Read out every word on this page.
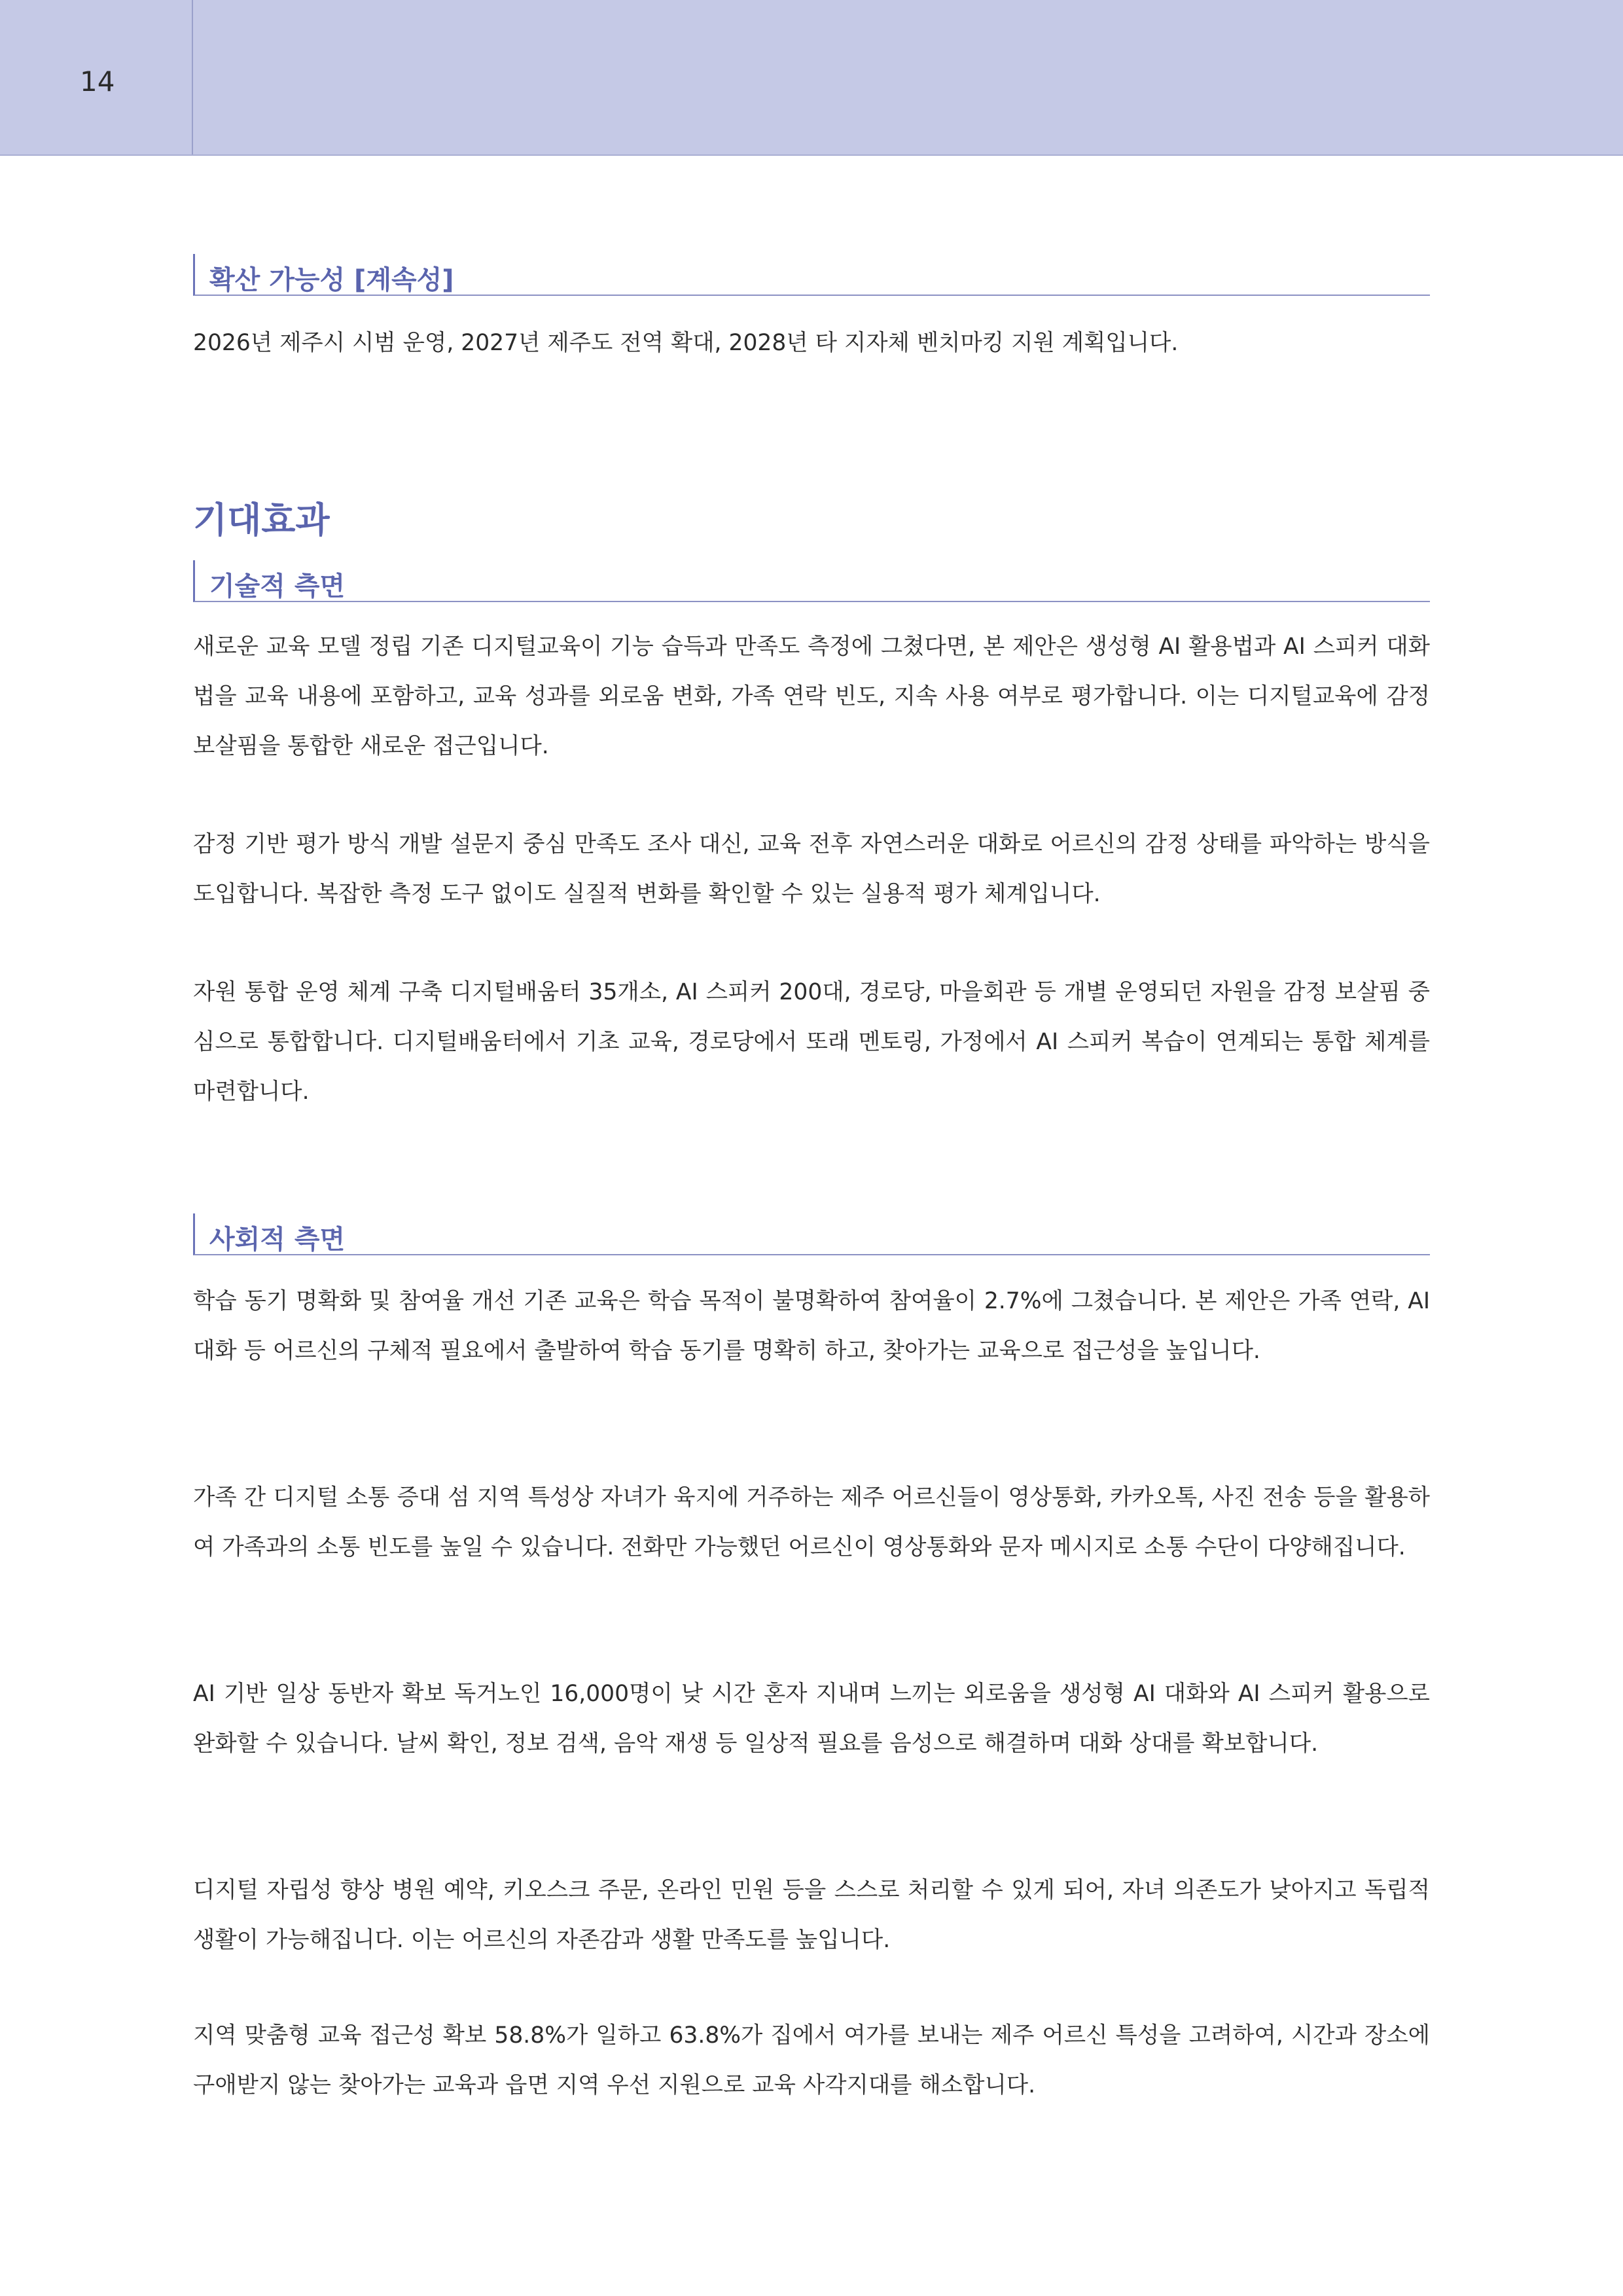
14
확산 가능성 [계속성]

2026년 제주시 시범 운영, 2027년 제주도 전역 확대, 2028년 타 지자체 벤치마킹 지원 계획입니다.

기대효과
기술적 측면

새로운 교육 모델 정립 기존 디지털교육이 기능 습득과 만족도 측정에 그쳤다면, 본 제안은 생성형 AI 활용법과 AI 스피커 대화법을 교육 내용에 포함하고, 교육 성과를 외로움 변화, 가족 연락 빈도, 지속 사용 여부로 평가합니다. 이는 디지털교육에 감정 보살핌을 통합한 새로운 접근입니다.

감정 기반 평가 방식 개발 설문지 중심 만족도 조사 대신, 교육 전후 자연스러운 대화로 어르신의 감정 상태를 파악하는 방식을 도입합니다. 복잡한 측정 도구 없이도 실질적 변화를 확인할 수 있는 실용적 평가 체계입니다.

자원 통합 운영 체계 구축 디지털배움터 35개소, AI 스피커 200대, 경로당, 마을회관 등 개별 운영되던 자원을 감정 보살핌 중심으로 통합합니다. 디지털배움터에서 기초 교육, 경로당에서 또래 멘토링, 가정에서 AI 스피커 복습이 연계되는 통합 체계를 마련합니다.

사회적 측면

학습 동기 명확화 및 참여율 개선 기존 교육은 학습 목적이 불명확하여 참여율이 2.7%에 그쳤습니다. 본 제안은 가족 연락, AI 대화 등 어르신의 구체적 필요에서 출발하여 학습 동기를 명확히 하고, 찾아가는 교육으로 접근성을 높입니다.

가족 간 디지털 소통 증대 섬 지역 특성상 자녀가 육지에 거주하는 제주 어르신들이 영상통화, 카카오톡, 사진 전송 등을 활용하여 가족과의 소통 빈도를 높일 수 있습니다. 전화만 가능했던 어르신이 영상통화와 문자 메시지로 소통 수단이 다양해집니다.

AI 기반 일상 동반자 확보 독거노인 16,000명이 낮 시간 혼자 지내며 느끼는 외로움을 생성형 AI 대화와 AI 스피커 활용으로 완화할 수 있습니다. 날씨 확인, 정보 검색, 음악 재생 등 일상적 필요를 음성으로 해결하며 대화 상대를 확보합니다.

디지털 자립성 향상 병원 예약, 키오스크 주문, 온라인 민원 등을 스스로 처리할 수 있게 되어, 자녀 의존도가 낮아지고 독립적 생활이 가능해집니다. 이는 어르신의 자존감과 생활 만족도를 높입니다.

지역 맞춤형 교육 접근성 확보 58.8%가 일하고 63.8%가 집에서 여가를 보내는 제주 어르신 특성을 고려하여, 시간과 장소에 구애받지 않는 찾아가는 교육과 읍면 지역 우선 지원으로 교육 사각지대를 해소합니다.
